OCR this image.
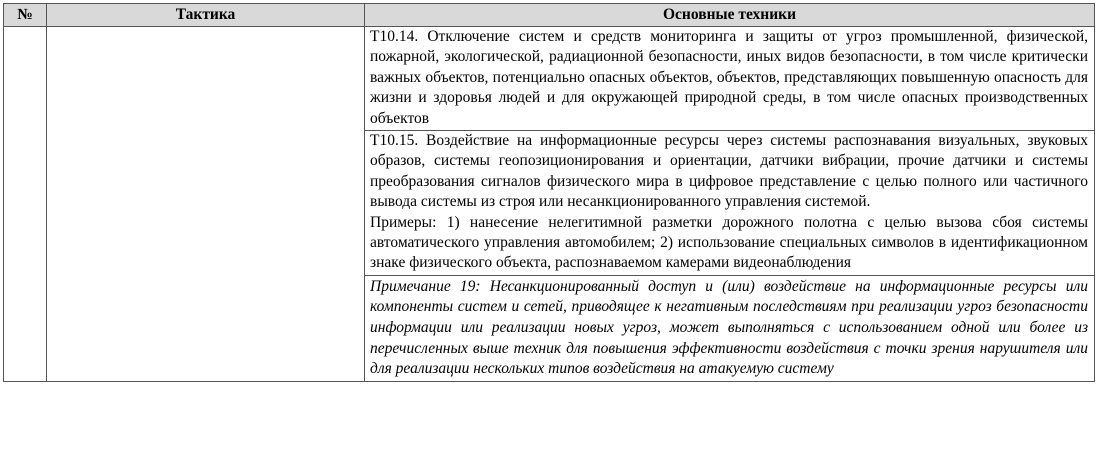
№	Тактика	Основные техники

		Т10.14. Отключение систем и средств мониторинга и защиты от угроз промышленной, физической, пожарной, экологической, радиационной безопасности, иных видов безопасности, в том числе критически важных объектов, потенциально опасных объектов, объектов, представляющих повышенную опасность для жизни и здоровья людей и для окружающей природной среды, в том числе опасных производственных объектов

		Т10.15. Воздействие на информационные ресурсы через системы распознавания визуальных, звуковых образов, системы геопозиционирования и ориентации, датчики вибрации, прочие датчики и системы преобразования сигналов физического мира в цифровое представление с целью полного или частичного вывода системы из строя или несанкционированного управления системой.
Примеры: 1) нанесение нелегитимной разметки дорожного полотна с целью вызова сбоя системы автоматического управления автомобилем; 2) использование специальных символов в идентификационном знаке физического объекта, распознаваемом камерами видеонаблюдения

		Примечание 19: Несанкционированный доступ и (или) воздействие на информационные ресурсы или компоненты систем и сетей, приводящее к негативным последствиям при реализации угроз безопасности информации или реализации новых угроз, может выполняться с использованием одной или более из перечисленных выше техник для повышения эффективности воздействия с точки зрения нарушителя или для реализации нескольких типов воздействия на атакуемую систему
